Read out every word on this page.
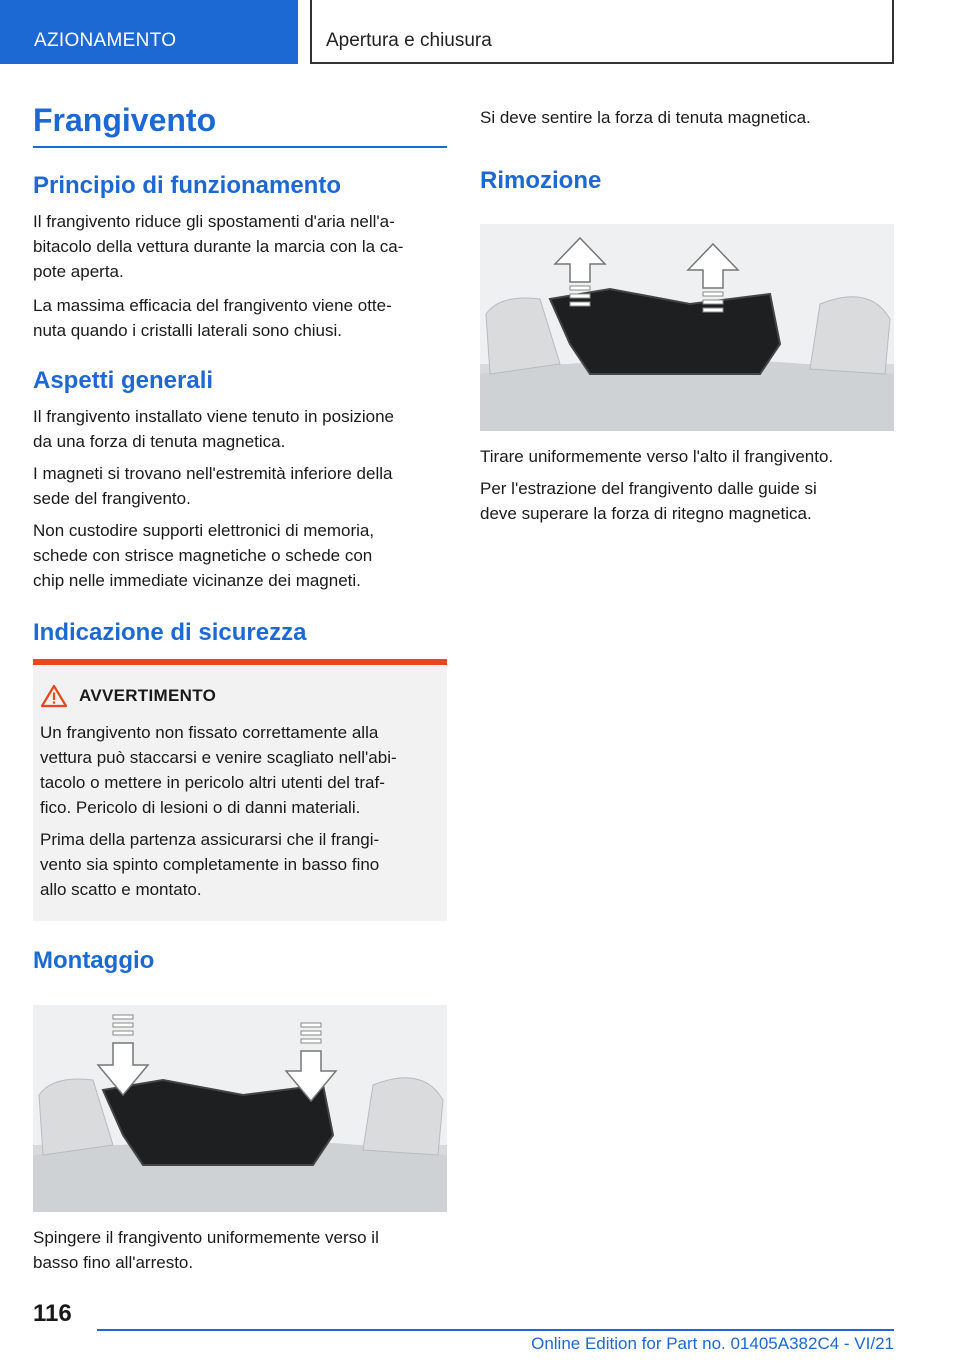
AZIONAMENTO	Apertura e chiusura
Frangivento
Principio di funzionamento

Il frangivento riduce gli spostamenti d'aria nell'a-
bitacolo della vettura durante la marcia con la ca-
pote aperta.

La massima efficacia del frangivento viene otte-
nuta quando i cristalli laterali sono chiusi.

Aspetti generali

Il frangivento installato viene tenuto in posizione
da una forza di tenuta magnetica.

I magneti si trovano nell'estremità inferiore della
sede del frangivento.

Non custodire supporti elettronici di memoria,
schede con strisce magnetiche o schede con
chip nelle immediate vicinanze dei magneti.

Indicazione di sicurezza
AVVERTIMENTO

Un frangivento non fissato correttamente alla
vettura può staccarsi e venire scagliato nell'abi-
tacolo o mettere in pericolo altri utenti del traf-
fico. Pericolo di lesioni o di danni materiali.

Prima della partenza assicurarsi che il frangi-
vento sia spinto completamente in basso fino
allo scatto e montato.

Montaggio

Spingere il frangivento uniformemente verso il
basso fino all'arresto.

Si deve sentire la forza di tenuta magnetica.

Rimozione

Tirare uniformemente verso l'alto il frangivento.

Per l'estrazione del frangivento dalle guide si
deve superare la forza di ritegno magnetica.

116
Online Edition for Part no. 01405A382C4 - VI/21
